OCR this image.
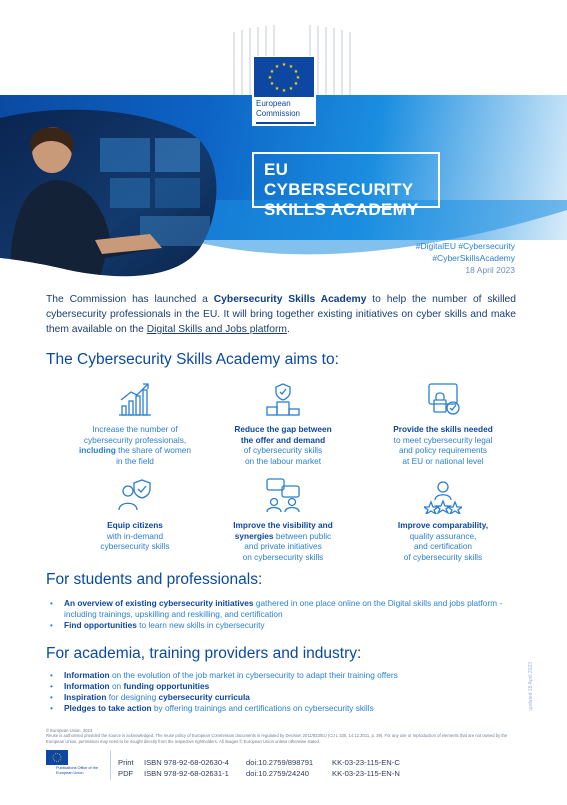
★ ★
★
★
★
★
★
★
★
★
★
★
European
Commission
EU CYBERSECURITY
SKILLS ACADEMY
#DigitalEU #Cybersecurity
#CyberSkillsAcademy
18 April 2023

The Commission has launched a Cybersecurity Skills Academy to help the number of skilled cybersecurity professionals in the EU. It will bring together existing initiatives on cyber skills and make them available on the Digital Skills and Jobs platform.

The Cybersecurity Skills Academy aims to:
Increase the number of
cybersecurity professionals,
including the share of women
in the field
Reduce the gap between
the offer and demand
of cybersecurity skills
on the labour market
Provide the skills needed
to meet cybersecurity legal
and policy requirements
at EU or national level
Equip citizens
with in-demand
cybersecurity skills
Improve the visibility and
synergies between public
and private initiatives
on cybersecurity skills
Improve comparability,
quality assurance,
and certification
of cybersecurity skills
For students and professionals:
• An overview of existing cybersecurity initiatives gathered in one place online on the Digital skills and jobs platform - including trainings, upskilling and reskilling, and certification
• Find opportunities to learn new skills in cybersecurity
For academia, training providers and industry:
• Information on the evolution of the job market in cybersecurity to adapt their training offers
• Information on funding opportunities
• Inspiration for designing cybersecurity curricula
• Pledges to take action by offering trainings and certifications on cybersecurity skills	updated 18 April 2023
© European Union, 2023
Reuse is authorised provided the source is acknowledged. The reuse policy of European Commission documents is regulated by Decision 2011/833/EU (OJ L 330, 14.12.2011, p. 39). For any use or reproduction of elements that are not owned by the European Union, permission may need to be sought directly from the respective rightholders. All images © European Union unless otherwise stated.
Publications Office of the European Union
Print	ISBN 978-92-68-02630-4	doi:10.2759/898791	KK-03-23-115-EN-C
PDF	ISBN 978-92-68-02631-1	doi:10.2759/24240	KK-03-23-115-EN-N
